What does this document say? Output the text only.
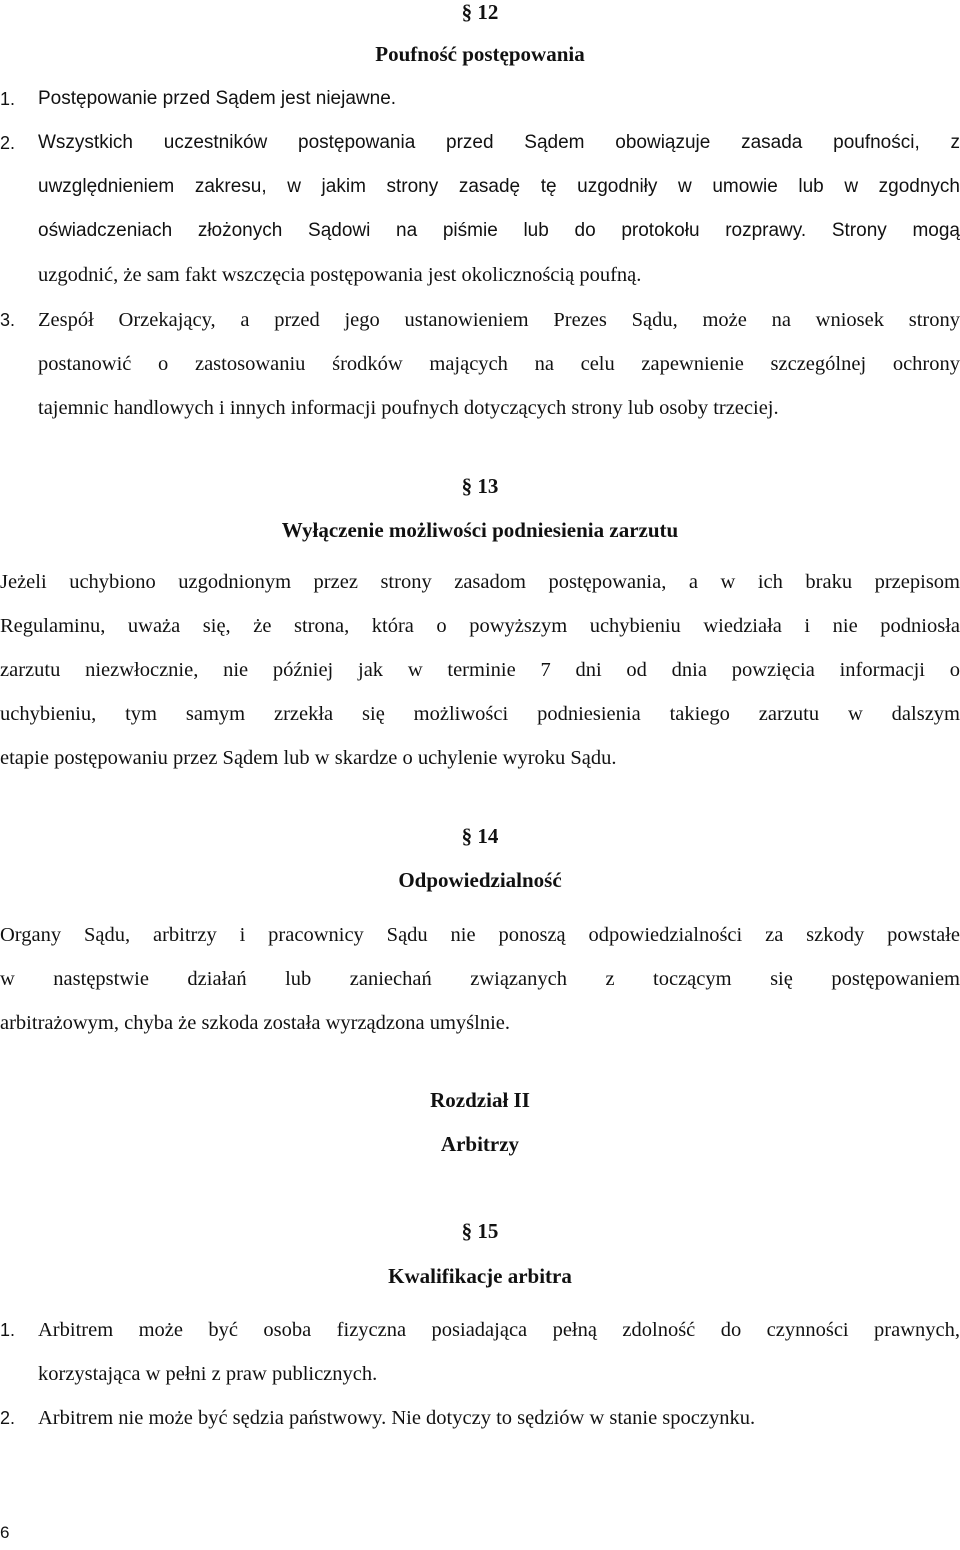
§ 12
Poufność postępowania
1. Postępowanie przed Sądem jest niejawne.
2. Wszystkich uczestników postępowania przed Sądem obowiązuje zasada poufności, z
uwzględnieniem zakresu, w jakim strony zasadę tę uzgodniły w umowie lub w zgodnych
oświadczeniach złożonych Sądowi na piśmie lub do protokołu rozprawy. Strony mogą
uzgodnić, że sam fakt wszczęcia postępowania jest okolicznością poufną.
3. Zespół Orzekający, a przed jego ustanowieniem Prezes Sądu, może na wniosek strony
postanowić o zastosowaniu środków mających na celu zapewnienie szczególnej ochrony
tajemnic handlowych i innych informacji poufnych dotyczących strony lub osoby trzeciej.
§ 13
Wyłączenie możliwości podniesienia zarzutu
Jeżeli uchybiono uzgodnionym przez strony zasadom postępowania, a w ich braku przepisom
Regulaminu, uważa się, że strona, która o powyższym uchybieniu wiedziała i nie podniosła
zarzutu niezwłocznie, nie później jak w terminie 7 dni od dnia powzięcia informacji o
uchybieniu, tym samym zrzekła się możliwości podniesienia takiego zarzutu w dalszym
etapie postępowaniu przez Sądem lub w skardze o uchylenie wyroku Sądu.
§ 14
Odpowiedzialność
Organy Sądu, arbitrzy i pracownicy Sądu nie ponoszą odpowiedzialności za szkody powstałe
w następstwie działań lub zaniechań związanych z toczącym się postępowaniem
arbitrażowym, chyba że szkoda została wyrządzona umyślnie.
Rozdział II
Arbitrzy
§ 15
Kwalifikacje arbitra
1. Arbitrem może być osoba fizyczna posiadająca pełną zdolność do czynności prawnych,
korzystająca w pełni z praw publicznych.
2. Arbitrem nie może być sędzia państwowy. Nie dotyczy to sędziów w stanie spoczynku.
6
